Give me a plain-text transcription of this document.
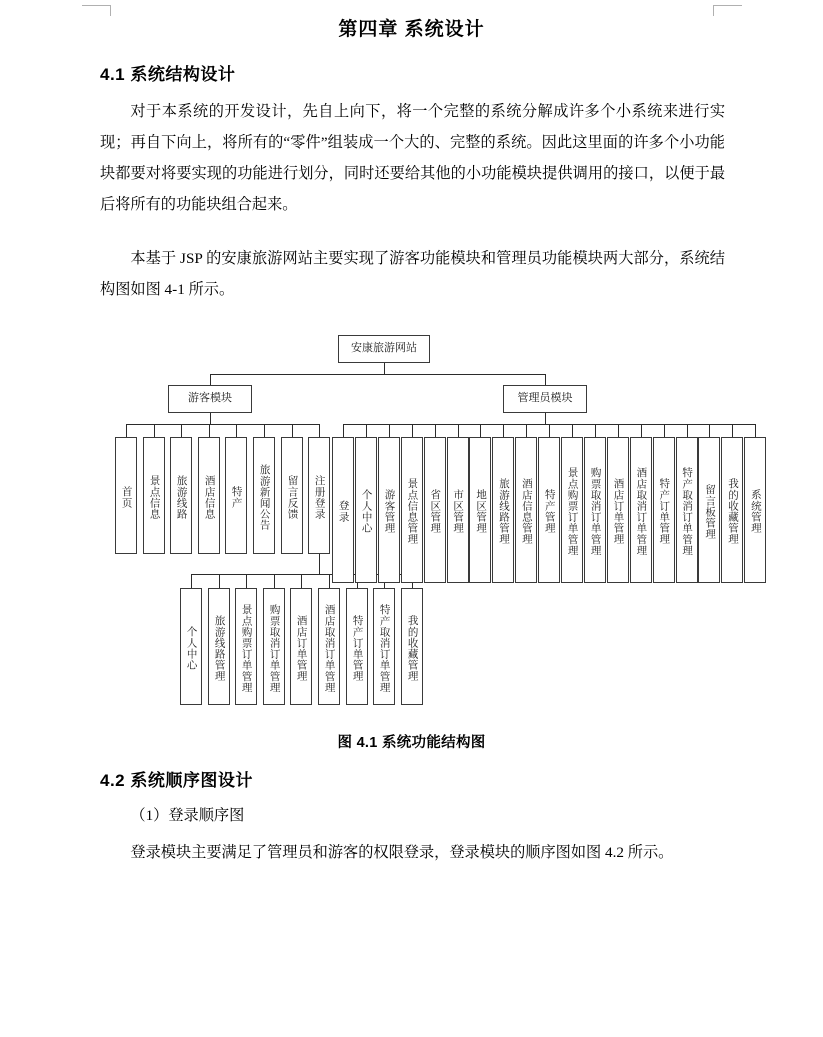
第四章 系统设计
4.1 系统结构设计
对于本系统的开发设计，先自上向下，将一个完整的系统分解成许多个小系统来进行实现；再自下向上，将所有的“零件”组装成一个大的、完整的系统。因此这里面的许多个小功能块都要对将要实现的功能进行划分，同时还要给其他的小功能模块提供调用的接口，以便于最后将所有的功能块组合起来。
本基于 JSP 的安康旅游网站主要实现了游客功能模块和管理员功能模块两大部分，系统结构图如图 4-1 所示。
安康旅游网站
游客模块	管理员模块
首页	景点信息	旅游线路	酒店信息	特产	旅游新闻公告	留言反馈	注册登录
个人中心	旅游线路管理	景点购票订单管理	购票取消订单管理	酒店订单管理	酒店取消订单管理	特产订单管理	特产取消订单管理	我的收藏管理
登录	个人中心	游客管理	景点信息管理	省区管理	市区管理	地区管理	旅游线路管理	酒店信息管理	特产管理	景点购票订单管理	购票取消订单管理	酒店订单管理	酒店取消订单管理	特产订单管理	特产取消订单管理	留言板管理	我的收藏管理	系统管理
图 4.1 系统功能结构图
4.2 系统顺序图设计
（1）登录顺序图
登录模块主要满足了管理员和游客的权限登录，登录模块的顺序图如图 4.2 所示。
